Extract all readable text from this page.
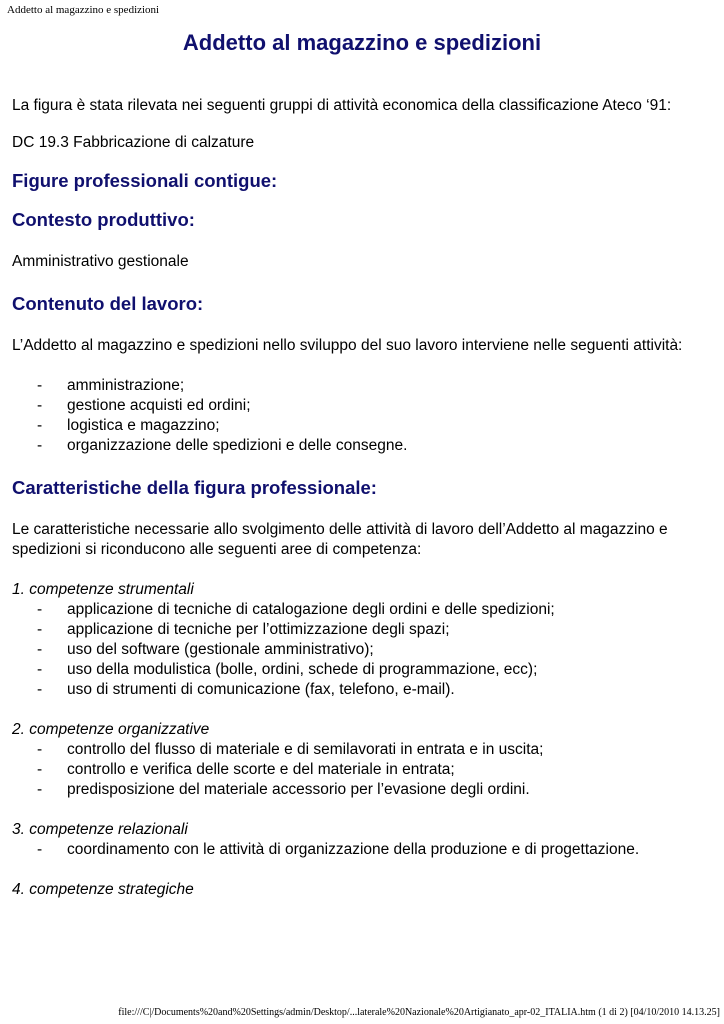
Addetto al magazzino e spedizioni
Addetto al magazzino e spedizioni

La figura è stata rilevata nei seguenti gruppi di attività economica della classificazione Ateco ‘91:

DC 19.3 Fabbricazione di calzature

Figure professionali contigue:
Contesto produttivo:

Amministrativo gestionale

Contenuto del lavoro:

L’Addetto al magazzino e spedizioni nello sviluppo del suo lavoro interviene nelle seguenti attività:

- amministrazione;
- gestione acquisti ed ordini;
- logistica e magazzino;
- organizzazione delle spedizioni e delle consegne.
Caratteristiche della figura professionale:

Le caratteristiche necessarie allo svolgimento delle attività di lavoro dell’Addetto al magazzino e spedizioni si riconducono alle seguenti aree di competenza:

1. competenze strumentali

- applicazione di tecniche di catalogazione degli ordini e delle spedizioni;
- applicazione di tecniche per l’ottimizzazione degli spazi;
- uso del software (gestionale amministrativo);
- uso della modulistica (bolle, ordini, schede di programmazione, ecc);
- uso di strumenti di comunicazione (fax, telefono, e-mail).

2. competenze organizzative

- controllo del flusso di materiale e di semilavorati in entrata e in uscita;
- controllo e verifica delle scorte e del materiale in entrata;
- predisposizione del materiale accessorio per l’evasione degli ordini.

3. competenze relazionali

- coordinamento con le attività di organizzazione della produzione e di progettazione.

4. competenze strategiche

file:///C|/Documents%20and%20Settings/admin/Desktop/...laterale%20Nazionale%20Artigianato_apr-02_ITALIA.htm (1 di 2) [04/10/2010 14.13.25]
